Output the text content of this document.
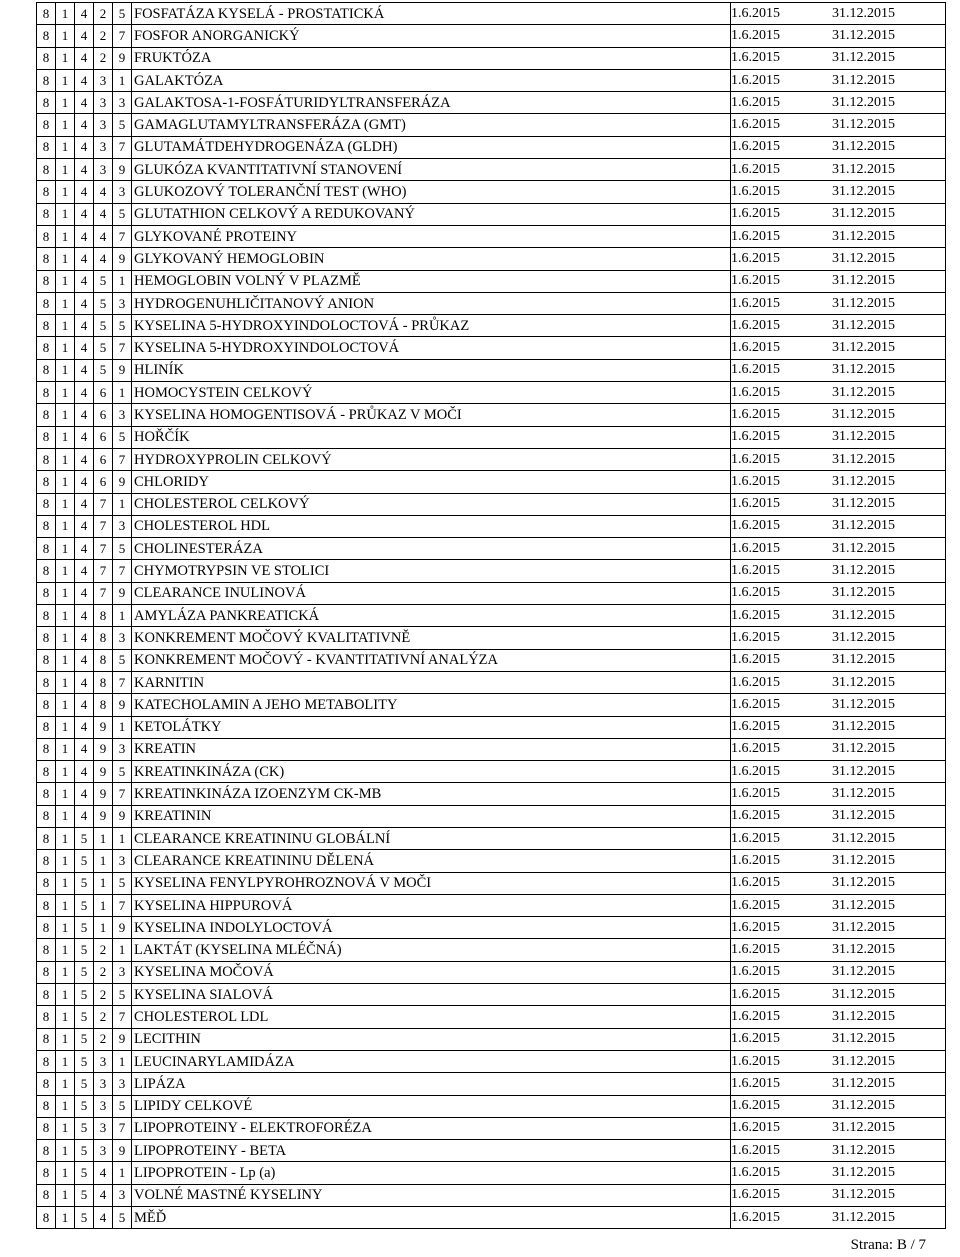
8	1	4	2	5	FOSFATÁZA KYSELÁ - PROSTATICKÁ	1.6.2015	31.12.2015
8	1	4	2	7	FOSFOR ANORGANICKÝ	1.6.2015	31.12.2015
8	1	4	2	9	FRUKTÓZA	1.6.2015	31.12.2015
8	1	4	3	1	GALAKTÓZA	1.6.2015	31.12.2015
8	1	4	3	3	GALAKTOSA-1-FOSFÁTURIDYLTRANSFERÁZA	1.6.2015	31.12.2015
8	1	4	3	5	GAMAGLUTAMYLTRANSFERÁZA (GMT)	1.6.2015	31.12.2015
8	1	4	3	7	GLUTAMÁTDEHYDROGENÁZA (GLDH)	1.6.2015	31.12.2015
8	1	4	3	9	GLUKÓZA KVANTITATIVNÍ STANOVENÍ	1.6.2015	31.12.2015
8	1	4	4	3	GLUKOZOVÝ TOLERANČNÍ TEST (WHO)	1.6.2015	31.12.2015
8	1	4	4	5	GLUTATHION CELKOVÝ A REDUKOVANÝ	1.6.2015	31.12.2015
8	1	4	4	7	GLYKOVANÉ PROTEINY	1.6.2015	31.12.2015
8	1	4	4	9	GLYKOVANÝ HEMOGLOBIN	1.6.2015	31.12.2015
8	1	4	5	1	HEMOGLOBIN VOLNÝ V PLAZMĚ	1.6.2015	31.12.2015
8	1	4	5	3	HYDROGENUHLIČITANOVÝ ANION	1.6.2015	31.12.2015
8	1	4	5	5	KYSELINA 5-HYDROXYINDOLOCTOVÁ - PRŮKAZ	1.6.2015	31.12.2015
8	1	4	5	7	KYSELINA 5-HYDROXYINDOLOCTOVÁ	1.6.2015	31.12.2015
8	1	4	5	9	HLINÍK	1.6.2015	31.12.2015
8	1	4	6	1	HOMOCYSTEIN CELKOVÝ	1.6.2015	31.12.2015
8	1	4	6	3	KYSELINA HOMOGENTISOVÁ - PRŮKAZ V MOČI	1.6.2015	31.12.2015
8	1	4	6	5	HOŘČÍK	1.6.2015	31.12.2015
8	1	4	6	7	HYDROXYPROLIN CELKOVÝ	1.6.2015	31.12.2015
8	1	4	6	9	CHLORIDY	1.6.2015	31.12.2015
8	1	4	7	1	CHOLESTEROL CELKOVÝ	1.6.2015	31.12.2015
8	1	4	7	3	CHOLESTEROL HDL	1.6.2015	31.12.2015
8	1	4	7	5	CHOLINESTERÁZA	1.6.2015	31.12.2015
8	1	4	7	7	CHYMOTRYPSIN VE STOLICI	1.6.2015	31.12.2015
8	1	4	7	9	CLEARANCE INULINOVÁ	1.6.2015	31.12.2015
8	1	4	8	1	AMYLÁZA PANKREATICKÁ	1.6.2015	31.12.2015
8	1	4	8	3	KONKREMENT MOČOVÝ KVALITATIVNĚ	1.6.2015	31.12.2015
8	1	4	8	5	KONKREMENT MOČOVÝ - KVANTITATIVNÍ ANALÝZA	1.6.2015	31.12.2015
8	1	4	8	7	KARNITIN	1.6.2015	31.12.2015
8	1	4	8	9	KATECHOLAMIN A JEHO METABOLITY	1.6.2015	31.12.2015
8	1	4	9	1	KETOLÁTKY	1.6.2015	31.12.2015
8	1	4	9	3	KREATIN	1.6.2015	31.12.2015
8	1	4	9	5	KREATINKINÁZA (CK)	1.6.2015	31.12.2015
8	1	4	9	7	KREATINKINÁZA IZOENZYM CK-MB	1.6.2015	31.12.2015
8	1	4	9	9	KREATININ	1.6.2015	31.12.2015
8	1	5	1	1	CLEARANCE KREATININU GLOBÁLNÍ	1.6.2015	31.12.2015
8	1	5	1	3	CLEARANCE KREATININU DĚLENÁ	1.6.2015	31.12.2015
8	1	5	1	5	KYSELINA FENYLPYROHROZNOVÁ V MOČI	1.6.2015	31.12.2015
8	1	5	1	7	KYSELINA HIPPUROVÁ	1.6.2015	31.12.2015
8	1	5	1	9	KYSELINA INDOLYLOCTOVÁ	1.6.2015	31.12.2015
8	1	5	2	1	LAKTÁT (KYSELINA MLÉČNÁ)	1.6.2015	31.12.2015
8	1	5	2	3	KYSELINA MOČOVÁ	1.6.2015	31.12.2015
8	1	5	2	5	KYSELINA SIALOVÁ	1.6.2015	31.12.2015
8	1	5	2	7	CHOLESTEROL LDL	1.6.2015	31.12.2015
8	1	5	2	9	LECITHIN	1.6.2015	31.12.2015
8	1	5	3	1	LEUCINARYLAMIDÁZA	1.6.2015	31.12.2015
8	1	5	3	3	LIPÁZA	1.6.2015	31.12.2015
8	1	5	3	5	LIPIDY CELKOVÉ	1.6.2015	31.12.2015
8	1	5	3	7	LIPOPROTEINY - ELEKTROFORÉZA	1.6.2015	31.12.2015
8	1	5	3	9	LIPOPROTEINY - BETA	1.6.2015	31.12.2015
8	1	5	4	1	LIPOPROTEIN - Lp (a)	1.6.2015	31.12.2015
8	1	5	4	3	VOLNÉ MASTNÉ KYSELINY	1.6.2015	31.12.2015
8	1	5	4	5	MĚĎ	1.6.2015	31.12.2015
Strana: B / 7
